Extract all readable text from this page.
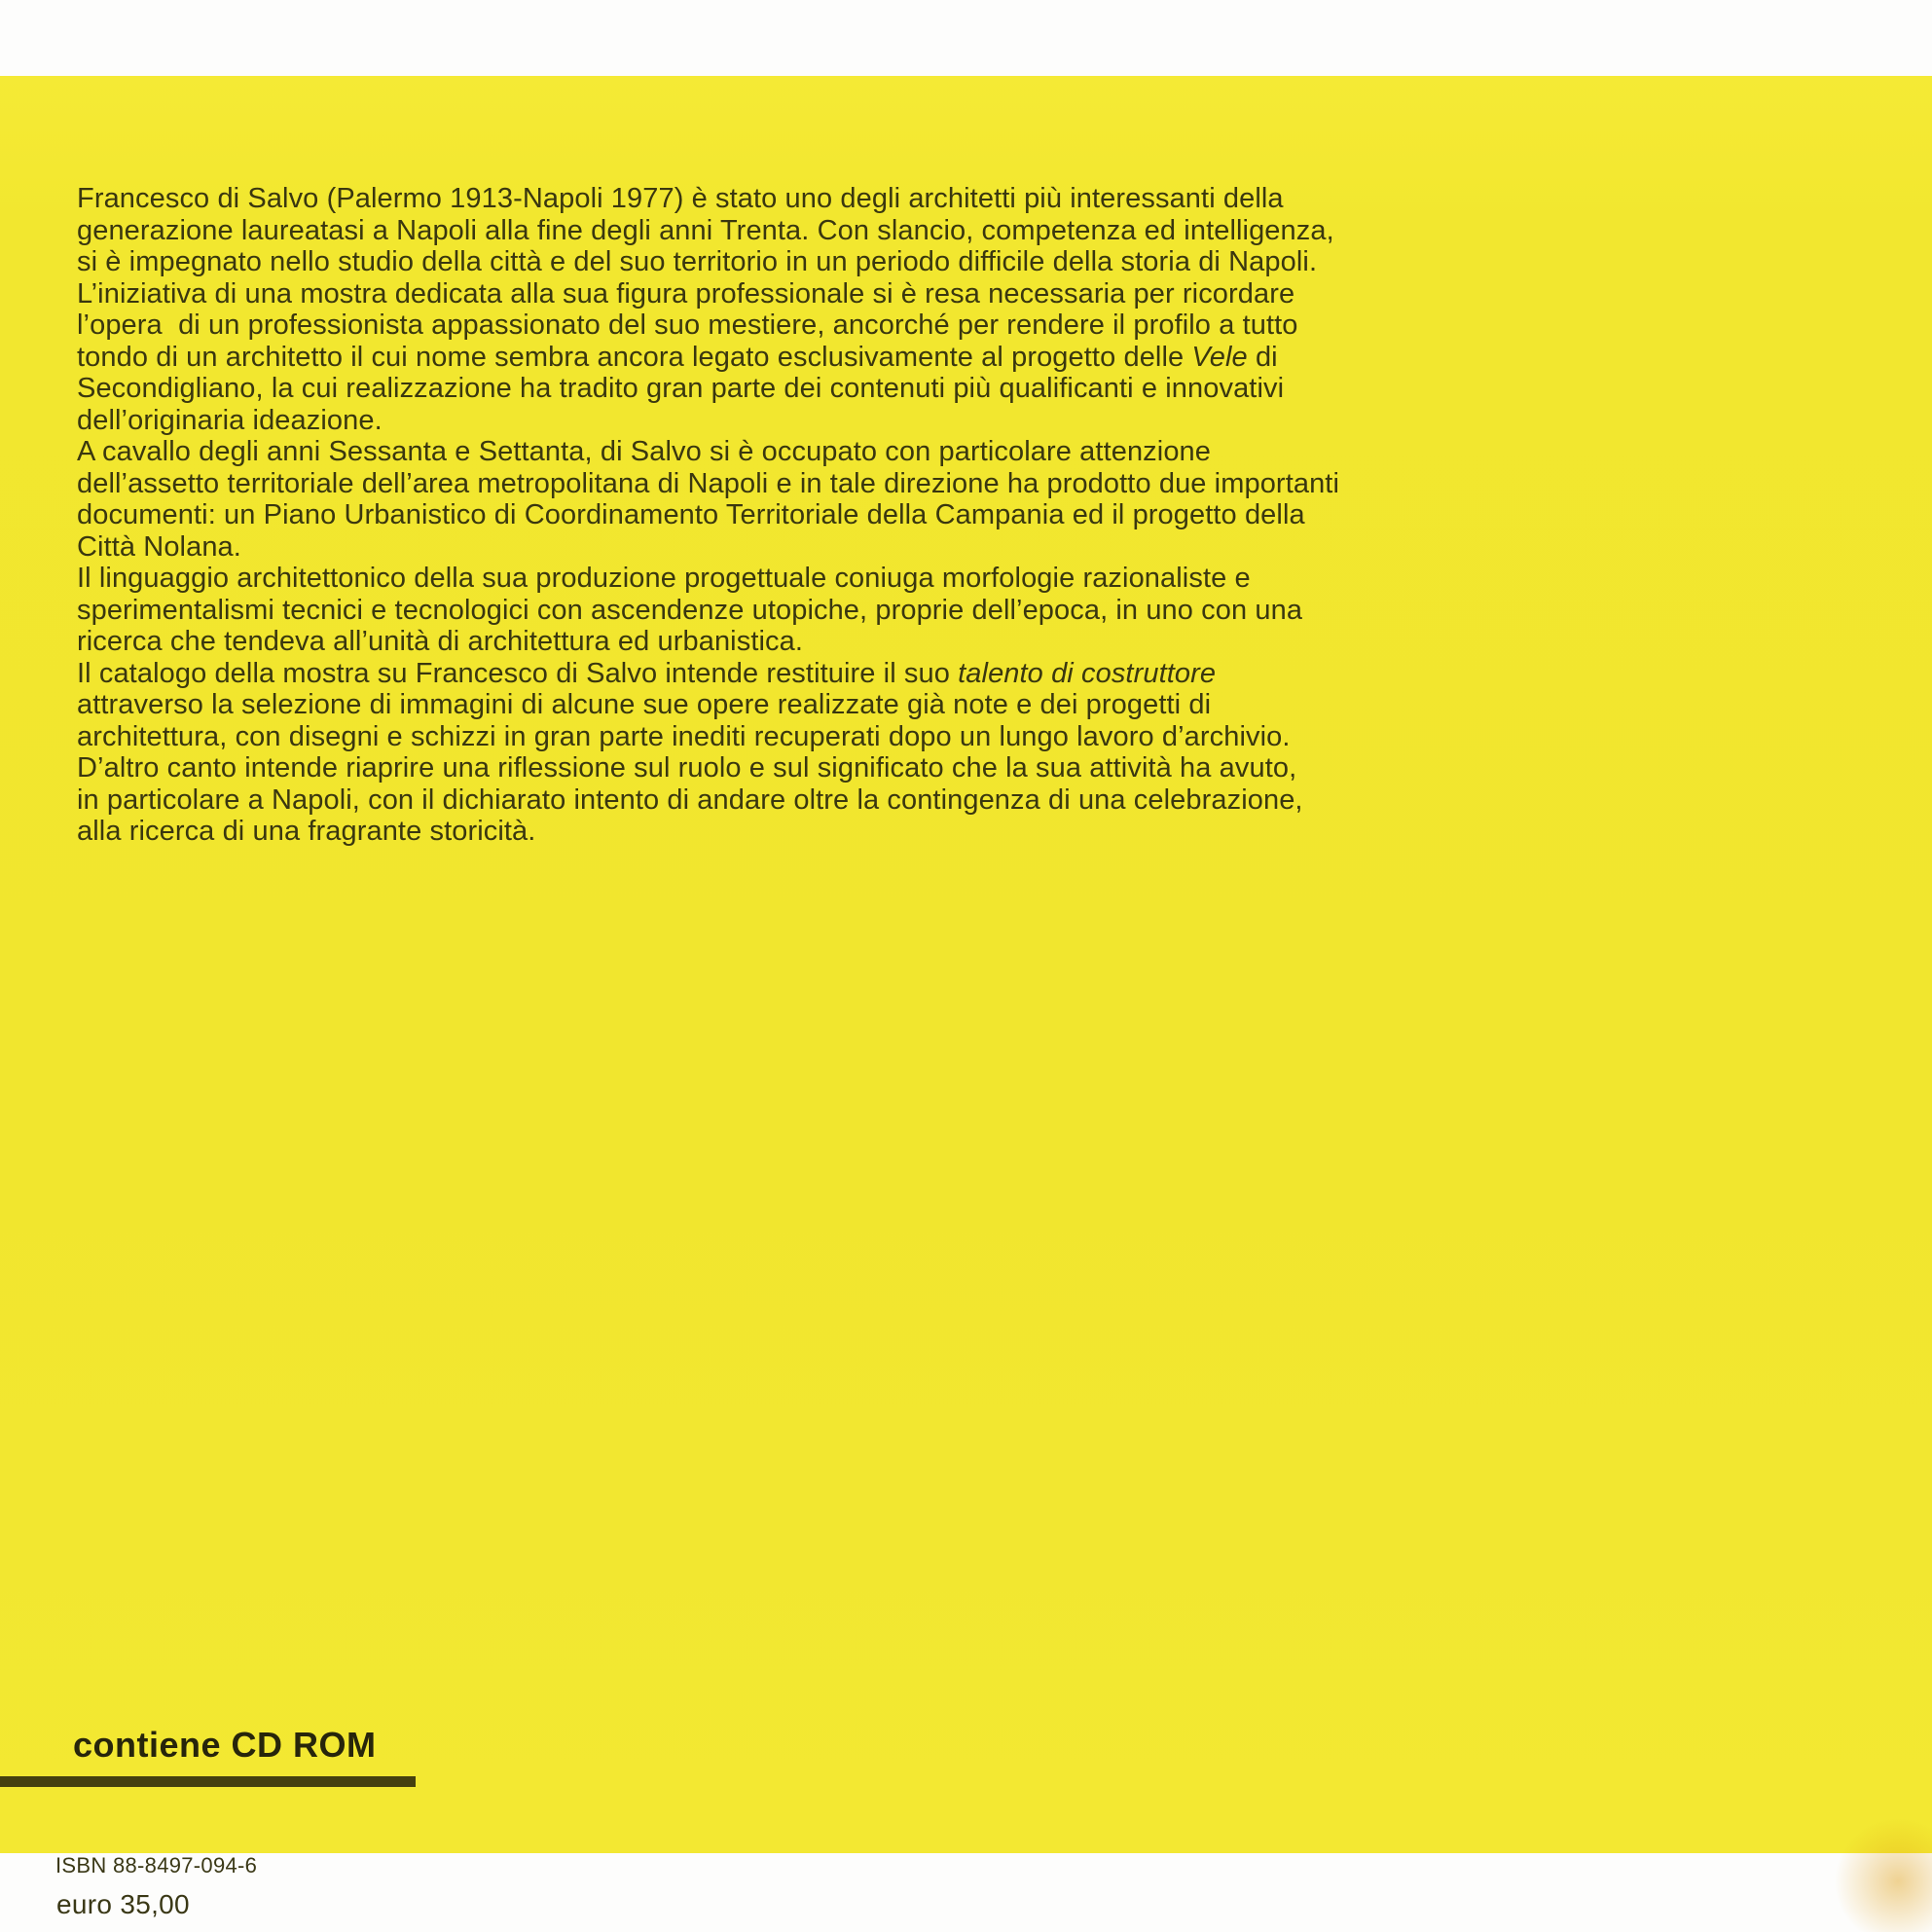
Francesco di Salvo (Palermo 1913-Napoli 1977) è stato uno degli architetti più interessanti della
generazione laureatasi a Napoli alla fine degli anni Trenta. Con slancio, competenza ed intelligenza,
si è impegnato nello studio della città e del suo territorio in un periodo difficile della storia di Napoli.
L’iniziativa di una mostra dedicata alla sua figura professionale si è resa necessaria per ricordare
l’opera  di un professionista appassionato del suo mestiere, ancorché per rendere il profilo a tutto
tondo di un architetto il cui nome sembra ancora legato esclusivamente al progetto delle Vele di
Secondigliano, la cui realizzazione ha tradito gran parte dei contenuti più qualificanti e innovativi
dell’originaria ideazione.
A cavallo degli anni Sessanta e Settanta, di Salvo si è occupato con particolare attenzione
dell’assetto territoriale dell’area metropolitana di Napoli e in tale direzione ha prodotto due importanti
documenti: un Piano Urbanistico di Coordinamento Territoriale della Campania ed il progetto della
Città Nolana.
Il linguaggio architettonico della sua produzione progettuale coniuga morfologie razionaliste e
sperimentalismi tecnici e tecnologici con ascendenze utopiche, proprie dell’epoca, in uno con una
ricerca che tendeva all’unità di architettura ed urbanistica.
Il catalogo della mostra su Francesco di Salvo intende restituire il suo talento di costruttore
attraverso la selezione di immagini di alcune sue opere realizzate già note e dei progetti di
architettura, con disegni e schizzi in gran parte inediti recuperati dopo un lungo lavoro d’archivio.
D’altro canto intende riaprire una riflessione sul ruolo e sul significato che la sua attività ha avuto,
in particolare a Napoli, con il dichiarato intento di andare oltre la contingenza di una celebrazione,
alla ricerca di una fragrante storicità.
contiene CD ROM
ISBN 88-8497-094-6
euro 35,00
